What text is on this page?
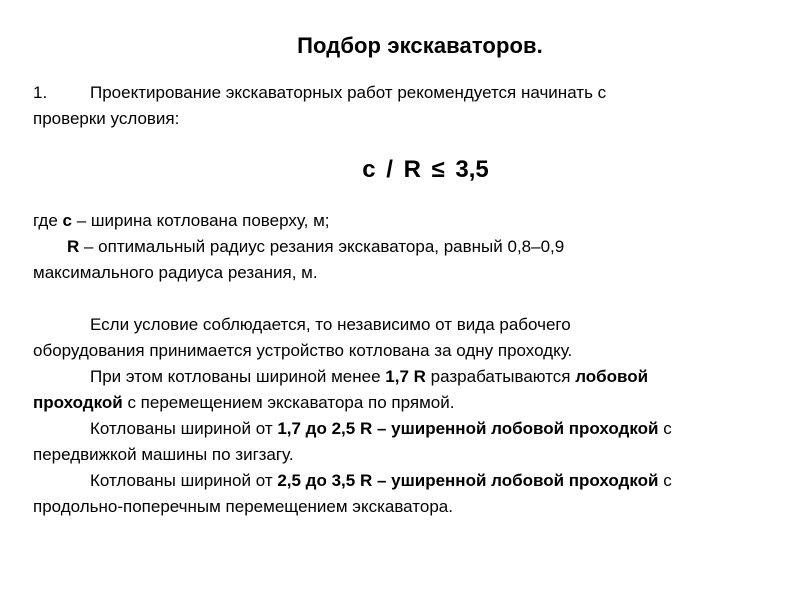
Подбор экскаваторов.

1.	Проектирование экскаваторных работ рекомендуется начинать с
проверки условия:

c / R ≤ 3,5

где с – ширина котлована поверху, м;

R – оптимальный радиус резания экскаватора, равный 0,8–0,9

максимального радиуса резания, м.

Если условие соблюдается, то независимо от вида рабочего

оборудования принимается устройство котлована за одну проходку.

При этом котлованы шириной менее 1,7 R разрабатываются лобовой

проходкой с перемещением экскаватора по прямой.

Котлованы шириной от 1,7 до 2,5 R – уширенной лобовой проходкой с

передвижкой машины по зигзагу.

Котлованы шириной от 2,5 до 3,5 R – уширенной лобовой проходкой с

продольно-поперечным перемещением экскаватора.
